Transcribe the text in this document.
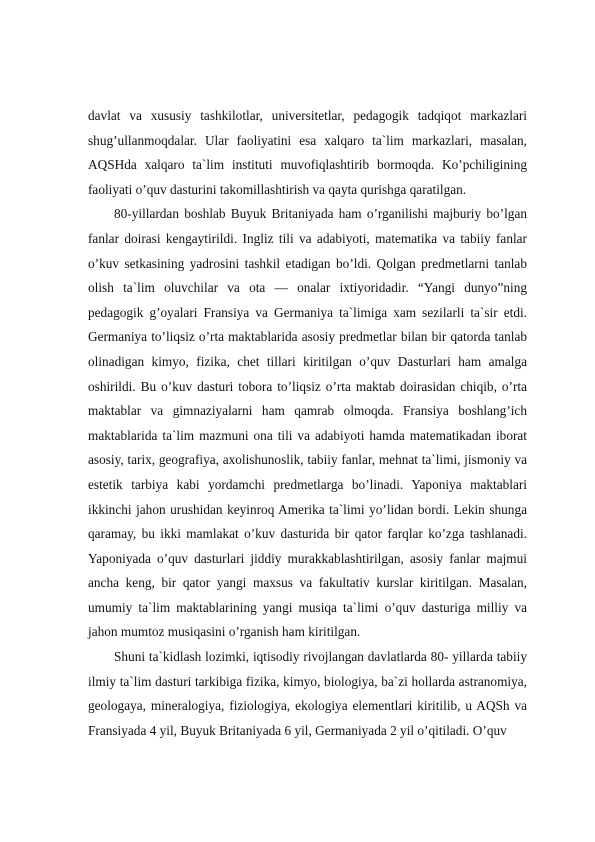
davlat va xususiy tashkilotlar, universitetlar, pedagogik tadqiqot markazlari shug’ullanmoqdalar. Ular faoliyatini esa xalqaro ta`lim markazlari, masalan, AQSHda xalqaro ta`lim instituti muvofiqlashtirib bormoqda. Ko’pchiligining faoliyati o’quv dasturini takomillashtirish va qayta qurishga qaratilgan.

80-yillardan boshlab Buyuk Britaniyada ham o’rganilishi majburiy bo’lgan fanlar doirasi kengaytirildi. Ingliz tili va adabiyoti, matematika va tabiiy fanlar o’kuv setkasining yadrosini tashkil etadigan bo’ldi. Qolgan predmetlarni tanlab olish ta`lim oluvchilar va ota — onalar ixtiyoridadir. “Yangi dunyo”ning pedagogik g’oyalari Fransiya va Germaniya ta`limiga xam sezilarli ta`sir etdi. Germaniya to’liqsiz o’rta maktablarida asosiy predmetlar bilan bir qatorda tanlab olinadigan kimyo, fizika, chet tillari kiritilgan o’quv Dasturlari ham amalga oshirildi. Bu o’kuv dasturi tobora to’liqsiz o’rta maktab doirasidan chiqib, o’rta maktablar va gimnaziyalarni ham qamrab olmoqda. Fransiya boshlang’ich maktablarida ta`lim mazmuni ona tili va adabiyoti hamda matematikadan iborat asosiy, tarix, geografiya, axolishunoslik, tabiiy fanlar, mehnat ta`limi, jismoniy va estetik tarbiya kabi yordamchi predmetlarga bo’linadi. Yaponiya maktablari ikkinchi jahon urushidan keyinroq Amerika ta`limi yo’lidan bordi. Lekin shunga qaramay, bu ikki mamlakat o’kuv dasturida bir qator farqlar ko’zga tashlanadi. Yaponiyada o’quv dasturlari jiddiy murakkablashtirilgan, asosiy fanlar majmui ancha keng, bir qator yangi maxsus va fakultativ kurslar kiritilgan. Masalan, umumiy ta`lim maktablarining yangi musiqa ta`limi o’quv dasturiga milliy va jahon mumtoz musiqasini o’rganish ham kiritilgan.

Shuni ta`kidlash lozimki, iqtisodiy rivojlangan davlatlarda 80- yillarda tabiiy ilmiy ta`lim dasturi tarkibiga fizika, kimyo, biologiya, ba`zi hollarda astranomiya, geologaya, mineralogiya, fiziologiya, ekologiya elementlari kiritilib, u AQSh va Fransiyada 4 yil, Buyuk Britaniyada 6 yil, Germaniyada 2 yil o’qitiladi. O’quv
